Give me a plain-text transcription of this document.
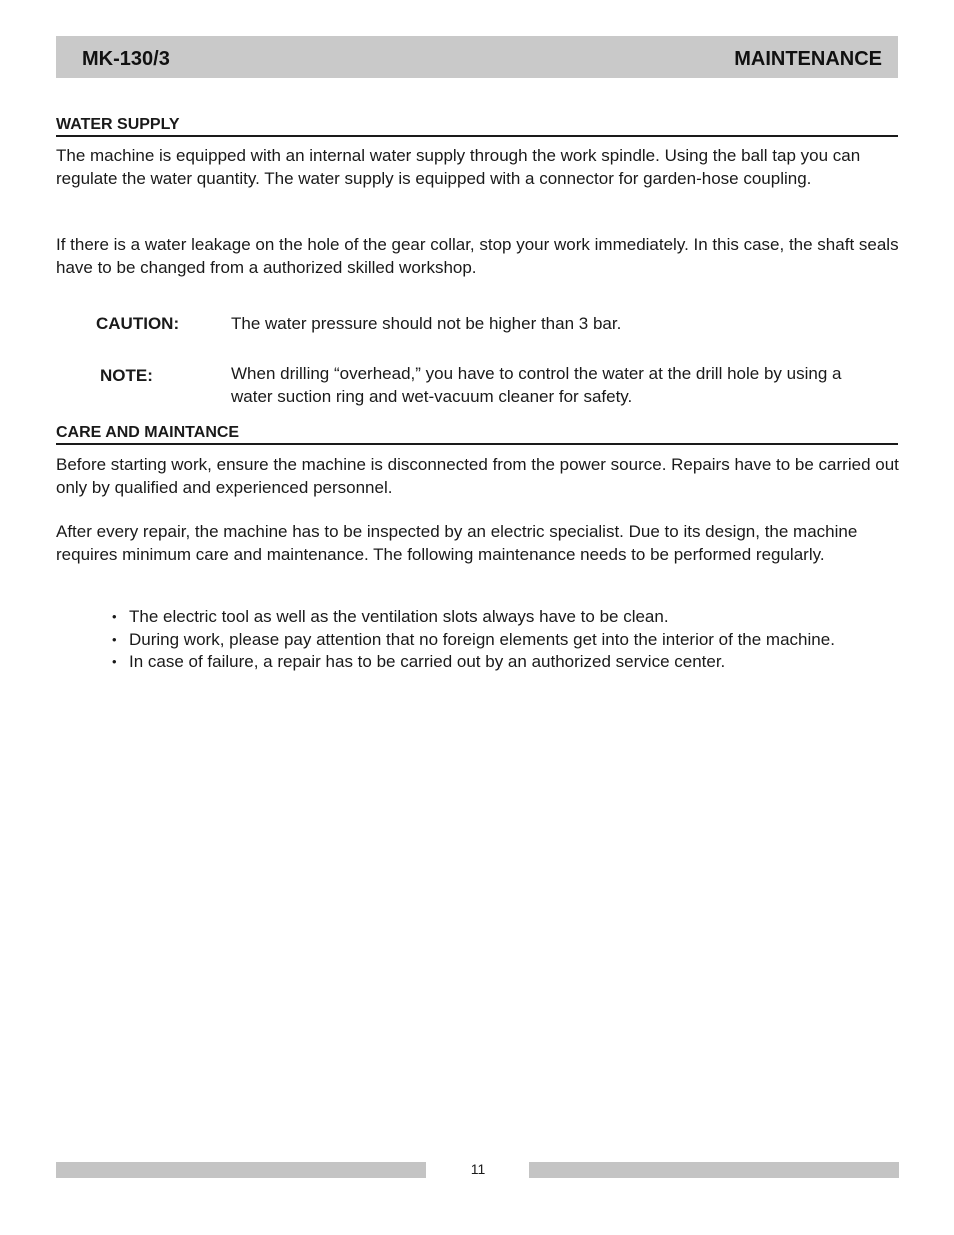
MK-130/3	MAINTENANCE
WATER SUPPLY

The machine is equipped with an internal water supply through the work spindle. Using the ball tap you can regulate the water quantity. The water supply is equipped with a connector for garden-hose coupling.

If there is a water leakage on the hole of the gear collar, stop your work immediately. In this case, the shaft seals have to be changed from a authorized skilled workshop.

CAUTION:	The water pressure should not be higher than 3 bar.
NOTE:	When drilling “overhead,” you have to control the water at the drill hole by using a water suction ring and wet-vacuum cleaner for safety.
CARE AND MAINTANCE

Before starting work, ensure the machine is disconnected from the power source. Repairs have to be carried out only by qualified and experienced personnel.

After every repair, the machine has to be inspected by an electric specialist. Due to its design, the machine requires minimum care and maintenance. The following maintenance needs to be performed regularly.

• The electric tool as well as the ventilation slots always have to be clean.
• During work, please pay attention that no foreign elements get into the interior of the machine.
• In case of failure, a repair has to be carried out by an authorized service center.
11
